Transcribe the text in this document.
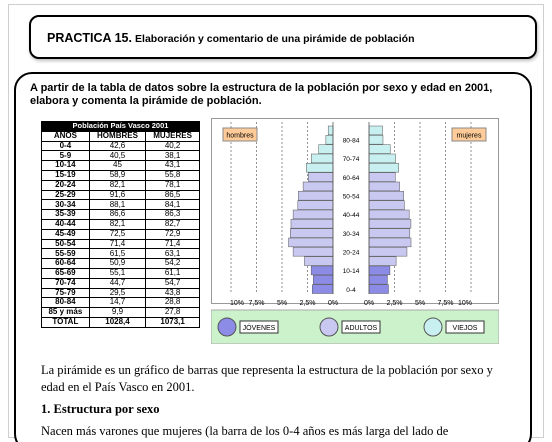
PRACTICA 15. Elaboración y comentario de una pirámide de población
A partir de la tabla de datos sobre la estructura de la población por sexo y edad en 2001, elabora y comenta la pirámide de población.
Población País Vasco 2001		
AÑOS	HOMBRES	MUJERES
0-4	42,6	40,2
5-9	40,5	38,1
10-14	45	43,1
15-19	58,9	55,8
20-24	82,1	78,1
25-29	91,6	86,5
30-34	88,1	84,1
35-39	86,6	86,3
40-44	82,1	82,7
45-49	72,5	72,9
50-54	71,4	71,4
55-59	61,5	63,1
60-64	50,9	54,2
65-69	55,1	61,1
70-74	44,7	54,7
75-79	29,5	43,8
80-84	14,7	28,8
85 y más	9,9	27,8
TOTAL	1028,4	1073,1
80-84
70-74
60-64
50-54
40-44
30-34
20-24
10-14
0-4
hombres	mujeres
10% 7,5% 5% 2,5% 0%	0% 2,5% 5% 7,5% 10%
JÓVENES	ADULTOS	VIEJOS
La pirámide es un gráfico de barras que representa la estructura de la población por sexo y edad en el País Vasco en 2001.
1. Estructura por sexo
Nacen más varones que mujeres (la barra de los 0-4 años es más larga del lado de
